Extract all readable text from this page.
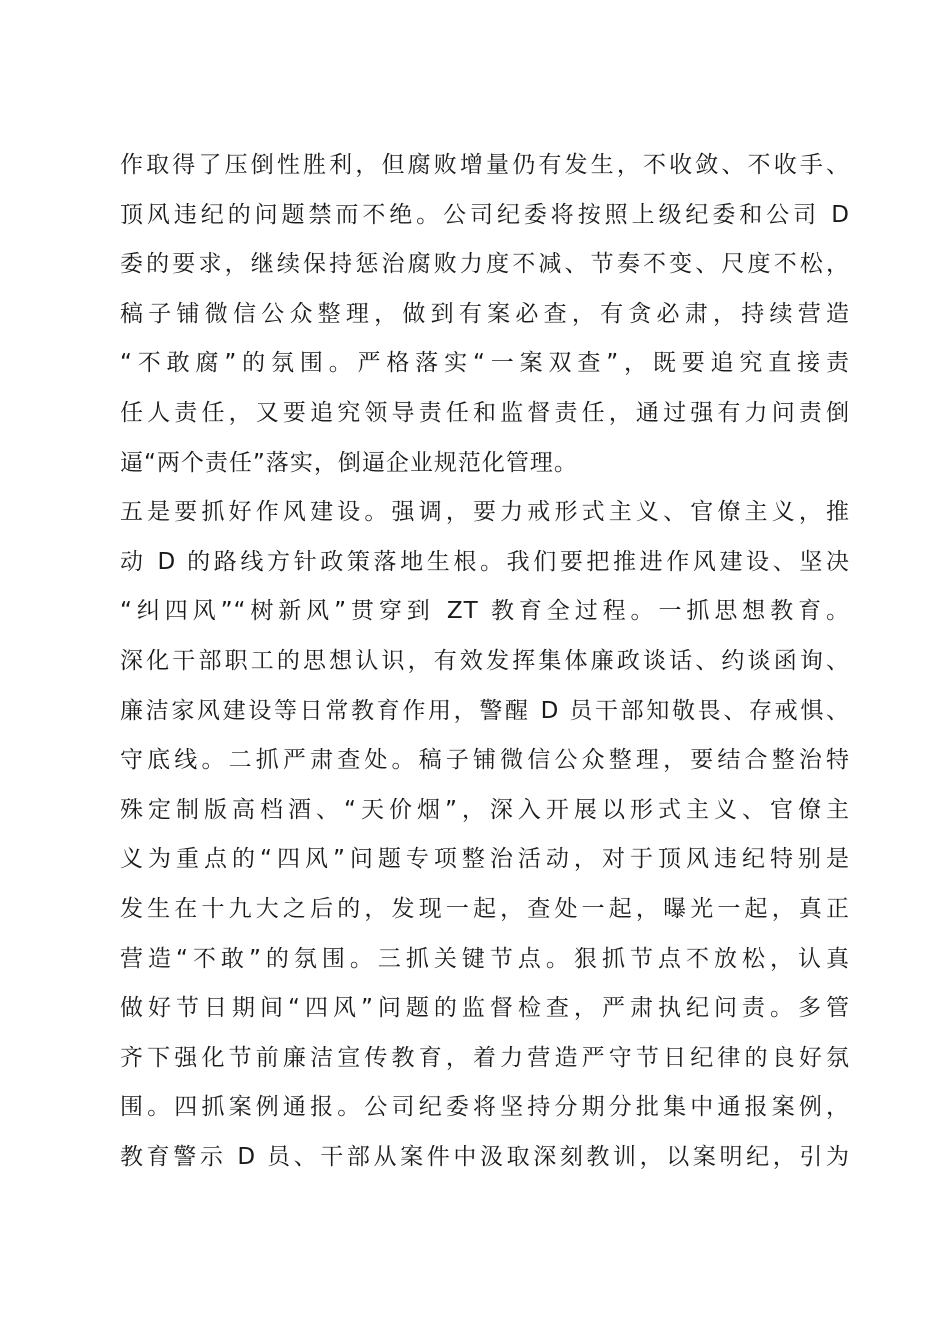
作取得了压倒性胜利，但腐败增量仍有发生，不收敛、不收手、
顶风违纪的问题禁而不绝。公司纪委将按照上级纪委和公司 D
委的要求，继续保持惩治腐败力度不减、节奏不变、尺度不松，
稿子铺微信公众整理，做到有案必查，有贪必肃，持续营造
“不敢腐”的氛围。严格落实“一案双查”，既要追究直接责
任人责任，又要追究领导责任和监督责任，通过强有力问责倒
逼“两个责任”落实，倒逼企业规范化管理。
五是要抓好作风建设。强调，要力戒形式主义、官僚主义，推
动 D 的路线方针政策落地生根。我们要把推进作风建设、坚决
“纠四风”“树新风”贯穿到 ZT 教育全过程。一抓思想教育。
深化干部职工的思想认识，有效发挥集体廉政谈话、约谈函询、
廉洁家风建设等日常教育作用，警醒 D 员干部知敬畏、存戒惧、
守底线。二抓严肃查处。稿子铺微信公众整理，要结合整治特
殊定制版高档酒、“天价烟”，深入开展以形式主义、官僚主
义为重点的“四风”问题专项整治活动，对于顶风违纪特别是
发生在十九大之后的，发现一起，查处一起，曝光一起，真正
营造“不敢”的氛围。三抓关键节点。狠抓节点不放松，认真
做好节日期间“四风”问题的监督检查，严肃执纪问责。多管
齐下强化节前廉洁宣传教育，着力营造严守节日纪律的良好氛
围。四抓案例通报。公司纪委将坚持分期分批集中通报案例，
教育警示 D 员、干部从案件中汲取深刻教训，以案明纪，引为
